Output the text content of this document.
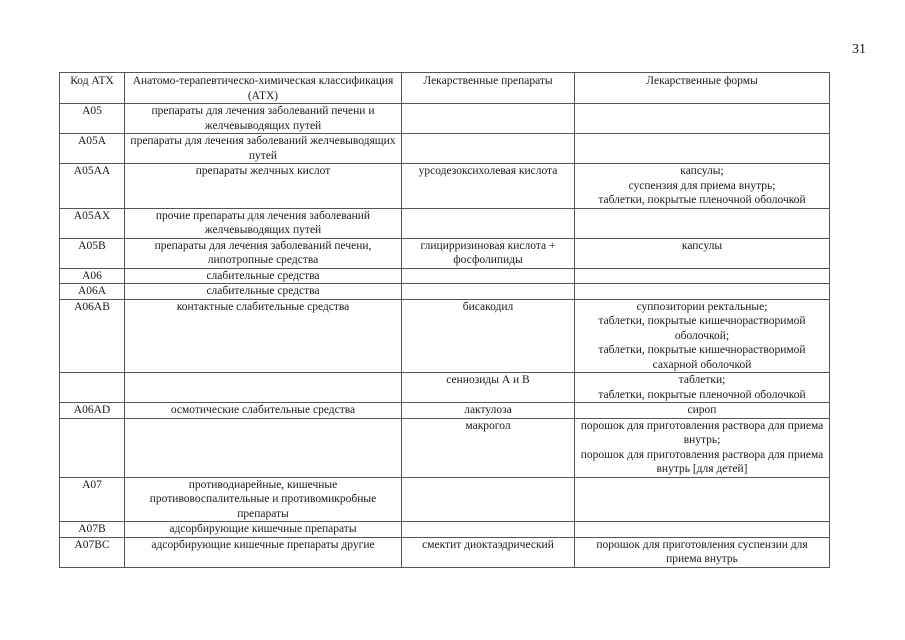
31
Код ATX	Анатомо-терапевтическо-химическая классификация (АТХ)	Лекарственные препараты	Лекарственные формы
A05	препараты для лечения заболеваний печени и желчевыводящих путей		
A05A	препараты для лечения заболеваний желчевыводящих путей		
A05AA	препараты желчных кислот	урсодезоксихолевая кислота	капсулы;
суспензия для приема внутрь;
таблетки, покрытые пленочной оболочкой
A05AX	прочие препараты для лечения заболеваний желчевыводящих путей		
A05B	препараты для лечения заболеваний печени, липотропные средства	глицирризиновая кислота + фосфолипиды	капсулы
A06	слабительные средства		
A06A	слабительные средства		
A06AB	контактные слабительные средства	бисакодил	суппозитории ректальные;
таблетки, покрытые кишечнорастворимой оболочкой;
таблетки, покрытые кишечнорастворимой сахарной оболочкой
		сеннозиды А и В	таблетки;
таблетки, покрытые пленочной оболочкой
A06AD	осмотические слабительные средства	лактулоза	сироп
		макрогол	порошок для приготовления раствора для приема внутрь;
порошок для приготовления раствора для приема внутрь [для детей]
A07	противодиарейные, кишечные противовоспалительные и противомикробные препараты		
A07B	адсорбирующие кишечные препараты		
A07BC	адсорбирующие кишечные препараты другие	смектит диоктаэдрический	порошок для приготовления суспензии для приема внутрь
